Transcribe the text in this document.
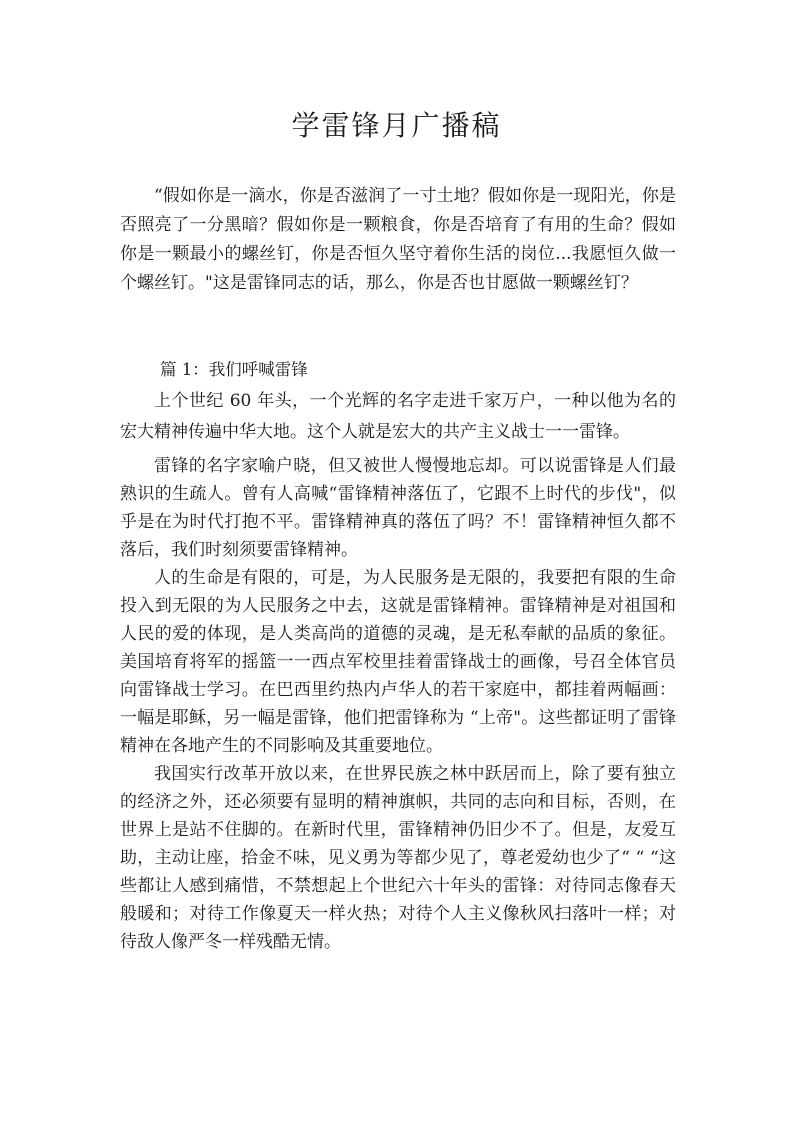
学雷锋月广播稿

“假如你是一滴水，你是否滋润了一寸土地？假如你是一现阳光，你是否照亮了一分黑暗？假如你是一颗粮食，你是否培育了有用的生命？假如你是一颗最小的螺丝钉，你是否恒久坚守着你生活的岗位...我愿恒久做一个螺丝钉。"这是雷锋同志的话，那么，你是否也甘愿做一颗螺丝钉？

篇 1：我们呼喊雷锋

上个世纪 60 年头，一个光辉的名字走进千家万户，一种以他为名的宏大精神传遍中华大地。这个人就是宏大的共产主义战士一一雷锋。

雷锋的名字家喻户晓，但又被世人慢慢地忘却。可以说雷锋是人们最熟识的生疏人。曾有人高喊“雷锋精神落伍了，它跟不上时代的步伐"，似乎是在为时代打抱不平。雷锋精神真的落伍了吗？不！雷锋精神恒久都不落后，我们时刻须要雷锋精神。

人的生命是有限的，可是，为人民服务是无限的，我要把有限的生命投入到无限的为人民服务之中去，这就是雷锋精神。雷锋精神是对祖国和人民的爱的体现，是人类高尚的道德的灵魂，是无私奉献的品质的象征。美国培育将军的摇篮一一西点军校里挂着雷锋战士的画像，号召全体官员向雷锋战士学习。在巴西里约热内卢华人的若干家庭中，都挂着两幅画：一幅是耶稣，另一幅是雷锋，他们把雷锋称为 “上帝"。这些都证明了雷锋精神在各地产生的不同影响及其重要地位。

我国实行改革开放以来，在世界民族之林中跃居而上，除了要有独立的经济之外，还必须要有显明的精神旗帜，共同的志向和目标，否则，在世界上是站不住脚的。在新时代里，雷锋精神仍旧少不了。但是，友爱互助，主动让座，拾金不味，见义勇为等都少见了，尊老爱幼也少了“ “ “这些都让人感到痛惜，不禁想起上个世纪六十年头的雷锋：对待同志像春天般暖和；对待工作像夏天一样火热；对待个人主义像秋风扫落叶一样；对待敌人像严冬一样残酷无情。
